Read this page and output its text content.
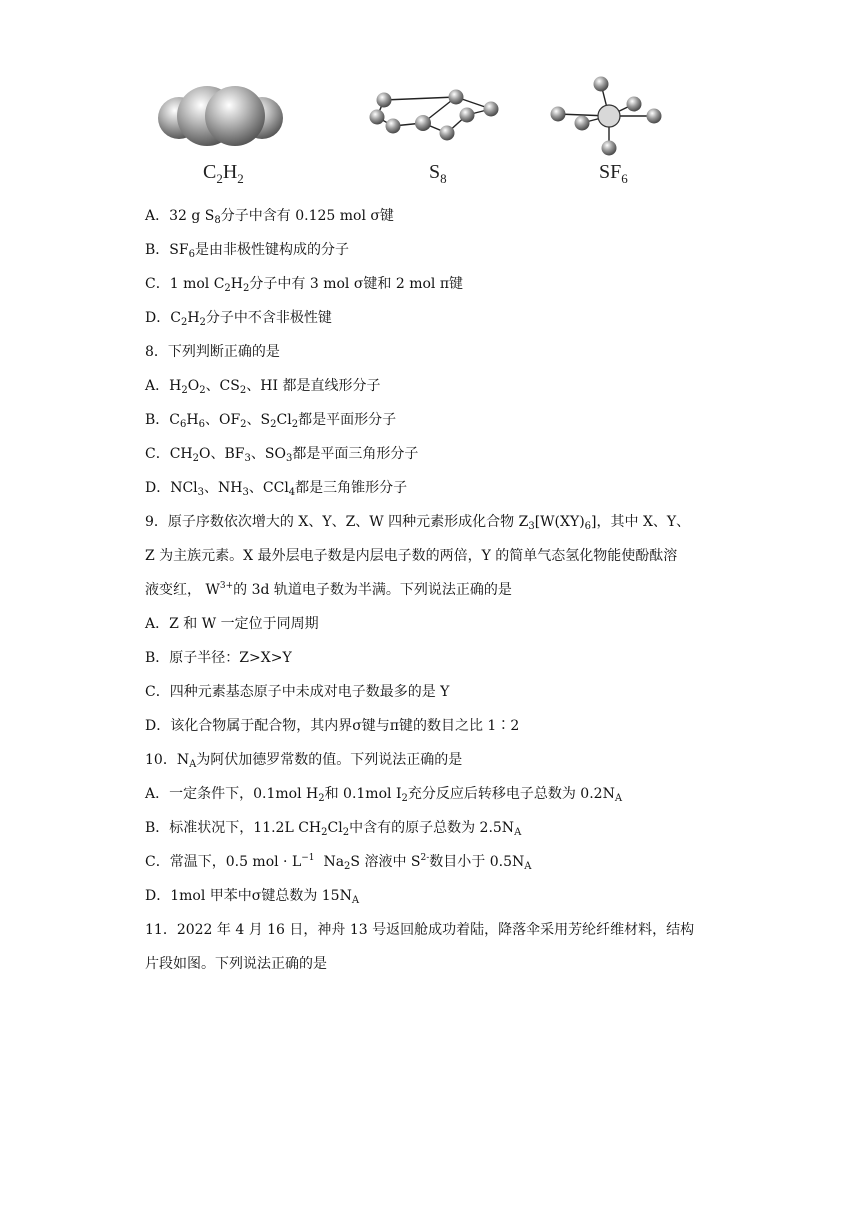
$C_2H_2$	$S_8$	$SF_6$
A．32 g $S_8$分子中含有 0.125 mol σ键
B．$SF_6$是由非极性键构成的分子
C．1 mol $C_2H_2$分子中有 3 mol σ键和 2 mol π键
D．$C_2H_2$分子中不含非极性键
8．下列判断正确的是
A．$H_2O_2$、$CS_2$、HI 都是直线形分子
B．$C_6H_6$、$OF_2$、$S_2Cl_2$都是平面形分子
C．$CH_2O$、$BF_3$、$SO_3$都是平面三角形分子
D．NCl$_3$、$NH_3$、CCl$_4$都是三角锥形分子
9．原子序数依次增大的 X、Y、Z、W 四种元素形成化合物 $Z_3[W(XY)_6]$，其中 X、Y、
Z 为主族元素。X 最外层电子数是内层电子数的两倍，Y 的简单气态氢化物能使酚酞溶
液变红， $W^{3+}$的 3d 轨道电子数为半满。下列说法正确的是
A．Z 和 W 一定位于同周期
B．原子半径：Z>X>Y
C．四种元素基态原子中未成对电子数最多的是 Y
D．该化合物属于配合物，其内界σ键与π键的数目之比 1∶2
10．$N_A$为阿伏加德罗常数的值。下列说法正确的是
A．一定条件下，0.1mol $H_2$和 0.1mol $I_2$充分反应后转移电子总数为 $0.2N_A$
B．标准状况下，11.2L $CH_2Cl_2$中含有的原子总数为 $2.5N_A$
C．常温下，0.5 mol · $L^{-1}$  $Na_2S$ 溶液中 $S^{2-}$数目小于 $0.5N_A$
D．1mol 甲苯中σ键总数为 $15N_A$
11．2022 年 4 月 16 日，神舟 13 号返回舱成功着陆，降落伞采用芳纶纤维材料，结构
片段如图。下列说法正确的是
